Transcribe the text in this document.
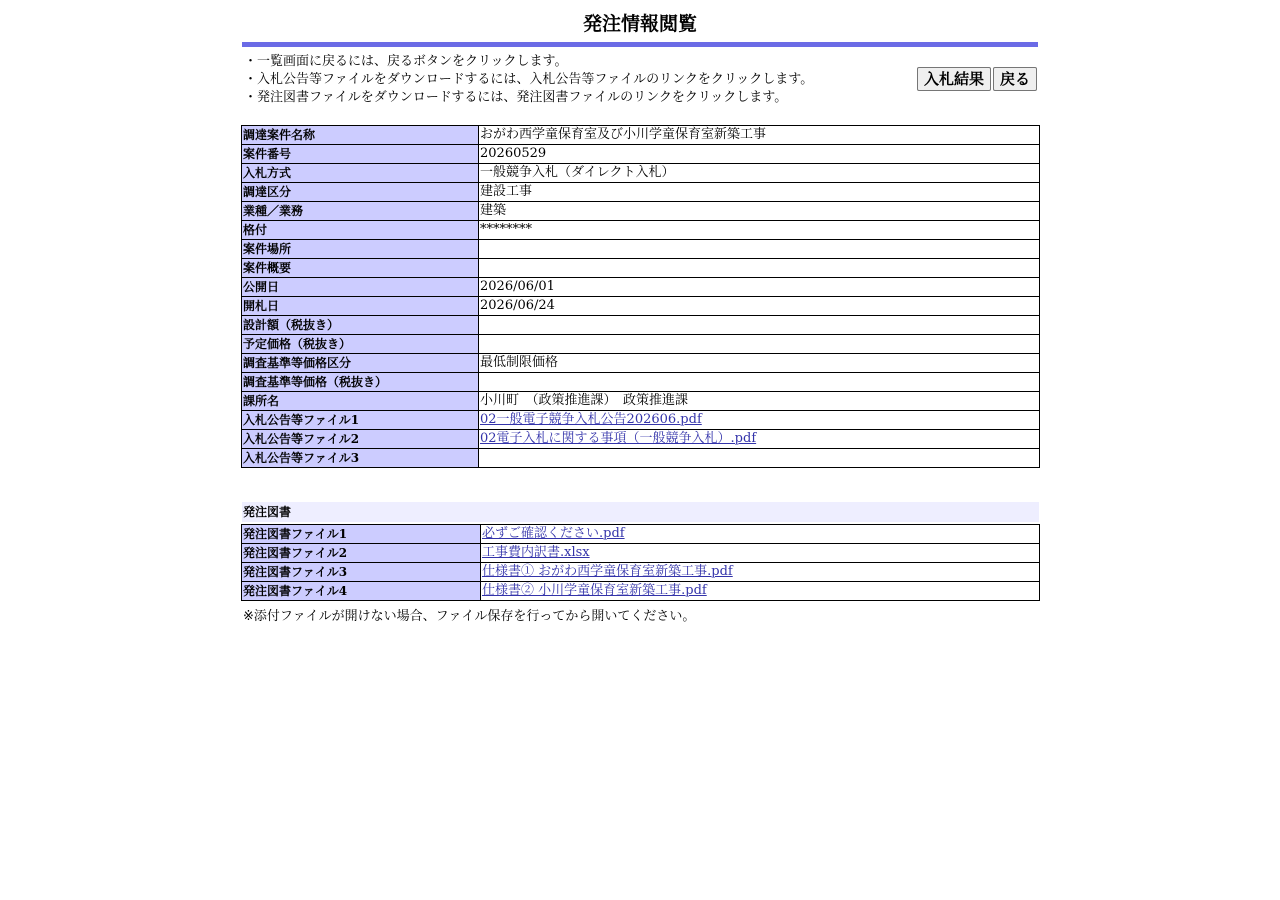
発注情報閲覧
・一覧画面に戻るには、戻るボタンをクリックします。
・入札公告等ファイルをダウンロードするには、入札公告等ファイルのリンクをクリックします。
・発注図書ファイルをダウンロードするには、発注図書ファイルのリンクをクリックします。
入札結果 戻る
調達案件名称	おがわ西学童保育室及び小川学童保育室新築工事
案件番号	20260529
入札方式	一般競争入札（ダイレクト入札）
調達区分	建設工事
業種／業務	建築
格付	********
案件場所	
案件概要	
公開日	2026/06/01
開札日	2026/06/24
設計額（税抜き）	
予定価格（税抜き）	
調査基準等価格区分	最低制限価格
調査基準等価格（税抜き）	
課所名	小川町　（政策推進課）　政策推進課
入札公告等ファイル1	02一般電子競争入札公告202606.pdf
入札公告等ファイル2	02電子入札に関する事項（一般競争入札）.pdf
入札公告等ファイル3	
発注図書
発注図書ファイル1	必ずご確認ください.pdf
発注図書ファイル2	工事費内訳書.xlsx
発注図書ファイル3	仕様書① おがわ西学童保育室新築工事.pdf
発注図書ファイル4	仕様書② 小川学童保育室新築工事.pdf
※添付ファイルが開けない場合、ファイル保存を行ってから開いてください。
